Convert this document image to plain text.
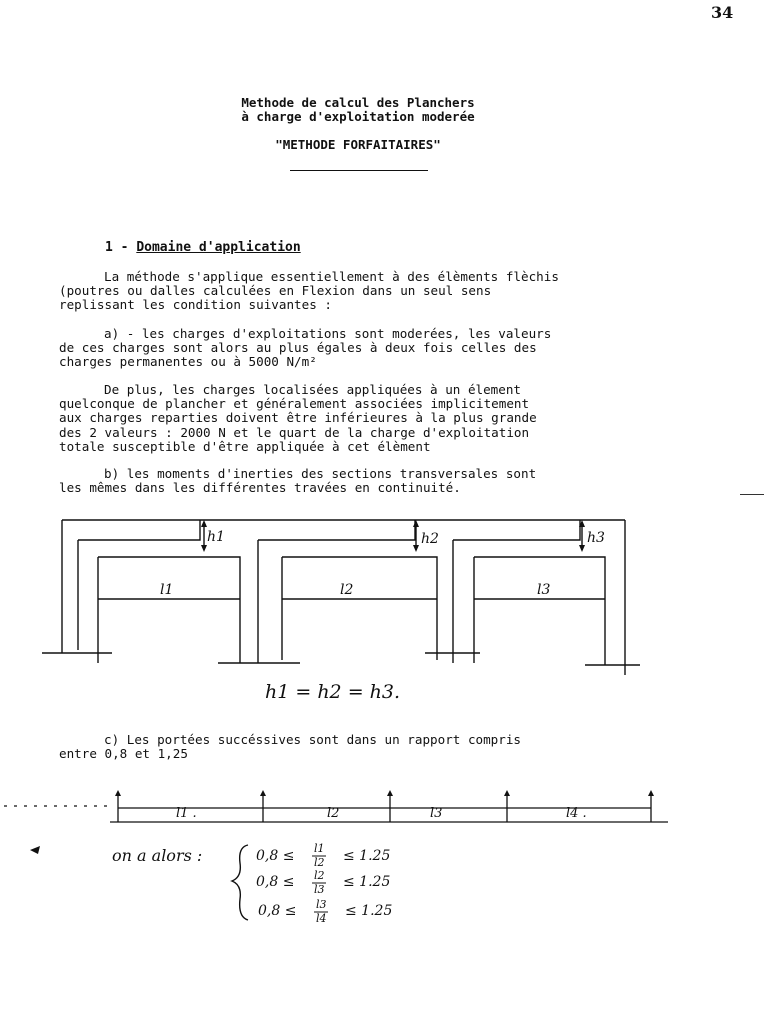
34
Methode de calcul des Planchers
à charge d'exploitation moderée
"METHODE FORFAITAIRES"
1 - Domaine d'application
La méthode s'applique essentiellement à des élèments flèchis
(poutres ou dalles calculées en Flexion dans un seul sens
replissant les condition suivantes :
a) - les charges d'exploitations sont moderées, les valeurs
de ces charges sont alors au plus égales à deux fois celles des
charges permanentes ou à 5000 N/m²
De plus, les charges localisées appliquées à un élement
quelconque de plancher et généralement associées implicitement
aux charges reparties doivent être inférieures à la plus grande
des 2 valeurs : 2000 N et le quart de la charge d'exploitation
totale susceptible d'être appliquée à cet élèment
b) les moments d'inerties des sections transversales sont
les mêmes dans les différentes travées en continuité.
h1	h2	h3
l1	l2	l3
h1 = h2 = h3.
c) Les portées succéssives sont dans un rapport compris
entre 0,8 et 1,25
l1 .	l2	l3	l4 .
on a alors :	0,8 ≤ l1
l2 ≤ 1.25
0,8 ≤ l2
l3 ≤ 1.25
0,8 ≤ l3
l4 ≤ 1.25
